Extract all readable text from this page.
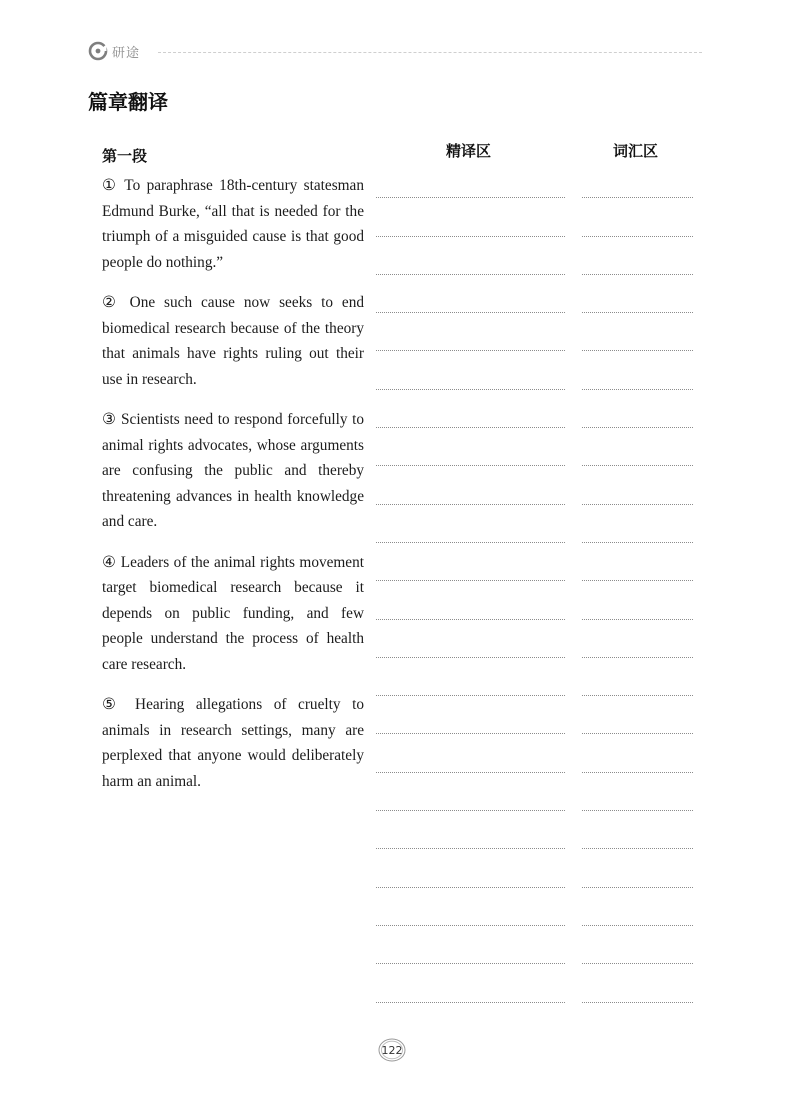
研途
篇章翻译
第一段	精译区	词汇区

① To paraphrase 18th-century statesman Edmund Burke, “all that is needed for the triumph of a misguided cause is that good people do nothing.”

② One such cause now seeks to end biomedical research because of the theory that animals have rights ruling out their use in research.

③ Scientists need to respond forcefully to animal rights advocates, whose arguments are confusing the public and thereby threatening advances in health knowledge and care.

④ Leaders of the animal rights movement target biomedical research because it depends on public funding, and few people understand the process of health care research.

⑤ Hearing allegations of cruelty to animals in research settings, many are perplexed that anyone would deliberately harm an animal.

122
